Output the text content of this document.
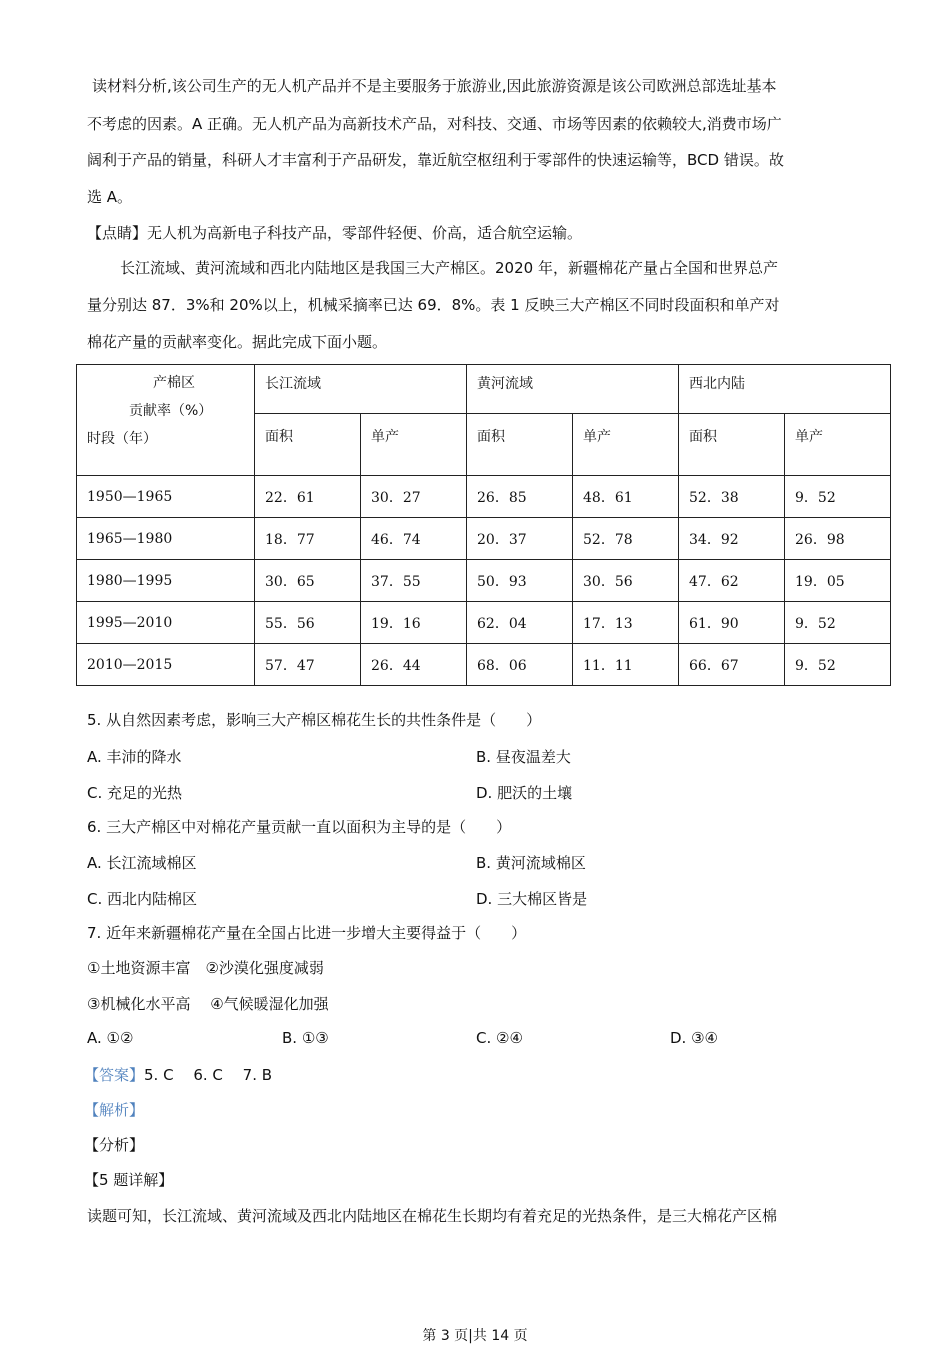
读材料分析,该公司生产的无人机产品并不是主要服务于旅游业,因此旅游资源是该公司欧洲总部选址基本
不考虑的因素。A 正确。无人机产品为高新技术产品，对科技、交通、市场等因素的依赖较大,消费市场广
阔利于产品的销量，科研人才丰富利于产品研发，靠近航空枢纽利于零部件的快速运输等，BCD 错误。故
选 A。
【点睛】无人机为高新电子科技产品，零部件轻便、价高，适合航空运输。
长江流域、黄河流域和西北内陆地区是我国三大产棉区。2020 年，新疆棉花产量占全国和世界总产
量分别达 87．3%和 20%以上，机械采摘率已达 69．8%。表 1 反映三大产棉区不同时段面积和单产对
棉花产量的贡献率变化。据此完成下面小题。
产棉区
贡献率（%）
时段（年）	长江流域		黄河流域		西北内陆	
	面积	单产	面积	单产	面积	单产
1950—1965	22．61	30．27	26．85	48．61	52．38	9．52
1965—1980	18．77	46．74	20．37	52．78	34．92	26．98
1980—1995	30．65	37．55	50．93	30．56	47．62	19．05
1995—2010	55．56	19．16	62．04	17．13	61．90	9．52
2010—2015	57．47	26．44	68．06	11．11	66．67	9．52
5. 从自然因素考虑，影响三大产棉区棉花生长的共性条件是（　　）
A. 丰沛的降水	B. 昼夜温差大
C. 充足的光热	D. 肥沃的土壤
6. 三大产棉区中对棉花产量贡献一直以面积为主导的是（　　）
A. 长江流域棉区	B. 黄河流域棉区
C. 西北内陆棉区	D. 三大棉区皆是
7. 近年来新疆棉花产量在全国占比进一步增大主要得益于（　　）
①土地资源丰富　②沙漠化强度减弱
③机械化水平高　 ④气候暖湿化加强
A. ①②	B. ①③	C. ②④	D. ③④
【答案】5. C　 6. C　 7. B
【解析】
【分析】
【5 题详解】
读题可知，长江流域、黄河流域及西北内陆地区在棉花生长期均有着充足的光热条件，是三大棉花产区棉
第 3 页|共 14 页
